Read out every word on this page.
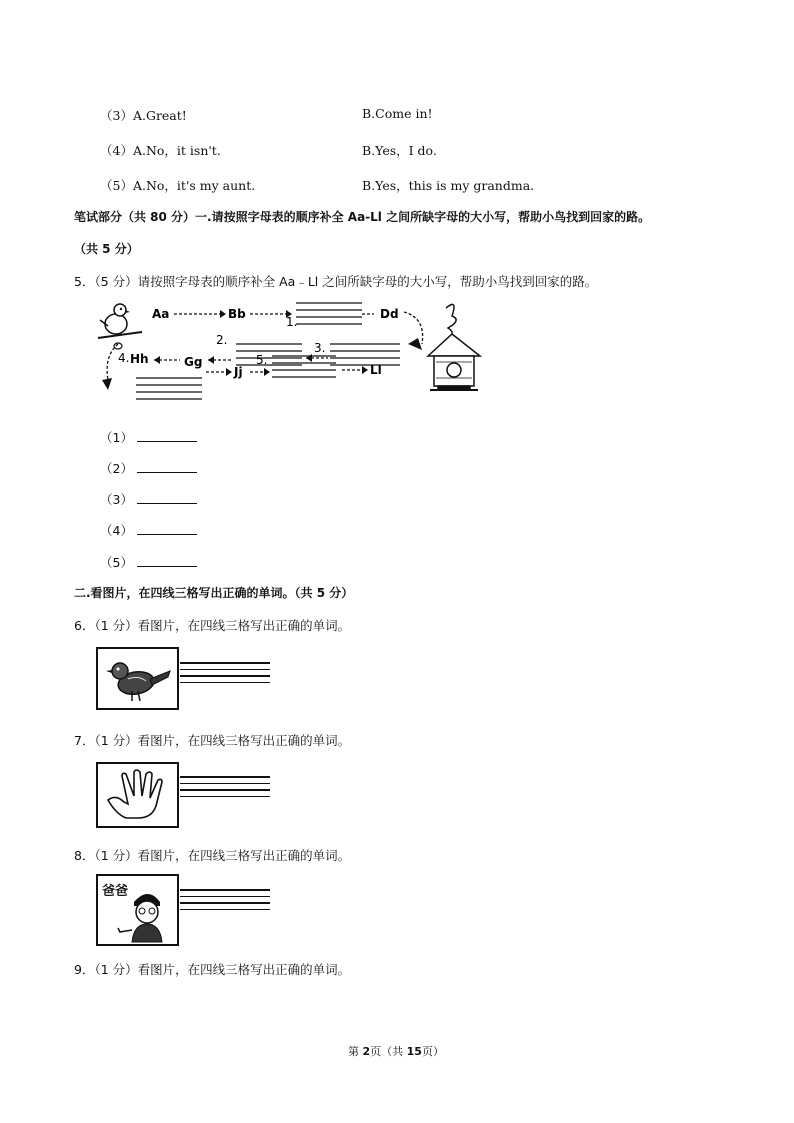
（3）A.Great!	B.Come in!
（4）A.No，it isn't.	B.Yes，I do.
（5）A.No，it's my aunt.	B.Yes，this is my grandma.
笔试部分（共 80 分）一.请按照字母表的顺序补全 Aa-Ll 之间所缺字母的大小写，帮助小鸟找到回家的路。
（共 5 分）
5．（5 分）请按照字母表的顺序补全 Aa﹣Ll 之间所缺字母的大小写，帮助小鸟找到回家的路。
Aa	Bb
1.
Dd
2.
3.
Gg
Hh
4.
Jj
5.
Ll
（1）
（2）
（3）
（4）
（5）
二.看图片，在四线三格写出正确的单词。（共 5 分）
6．（1 分）看图片，在四线三格写出正确的单词。
7．（1 分）看图片，在四线三格写出正确的单词。
8．（1 分）看图片，在四线三格写出正确的单词。
爸爸
9．（1 分）看图片，在四线三格写出正确的单词。
第 2页（共 15页）
